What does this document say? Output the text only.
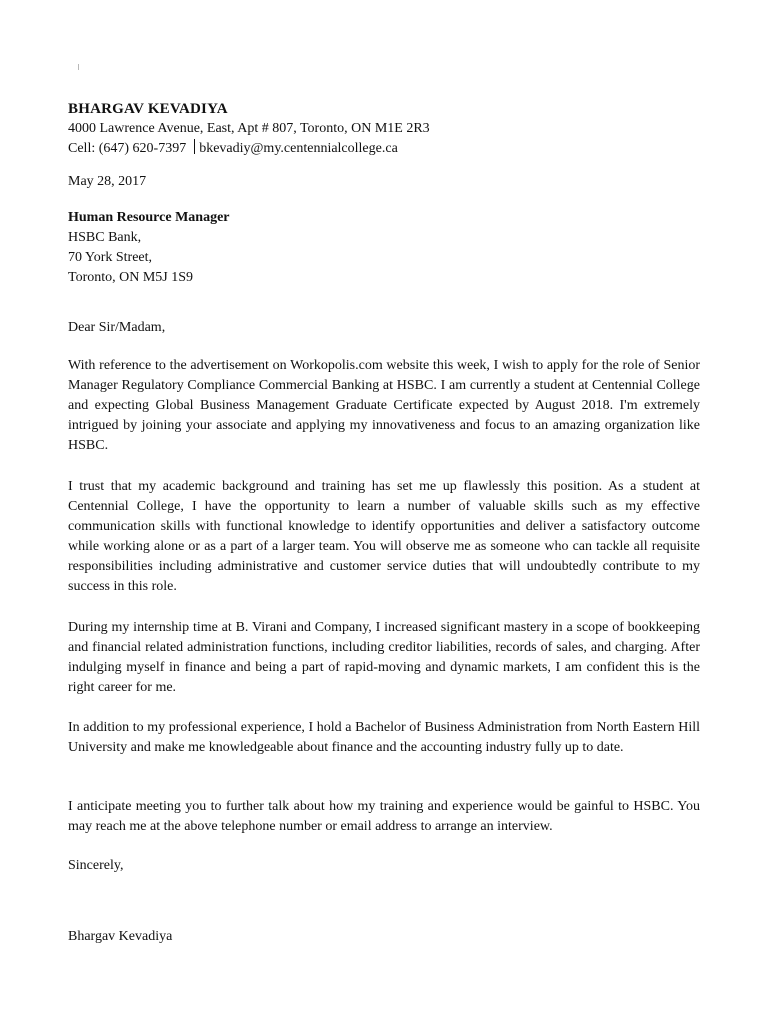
BHARGAV KEVADIYA
4000 Lawrence Avenue, East, Apt # 807, Toronto, ON M1E 2R3
Cell: (647) 620-7397 bkevadiy@my.centennialcollege.ca
May 28, 2017
Human Resource Manager
HSBC Bank,
70 York Street,
Toronto, ON M5J 1S9
Dear Sir/Madam,

With reference to the advertisement on Workopolis.com website this week, I wish to apply for the role of Senior Manager Regulatory Compliance Commercial Banking at HSBC. I am currently a student at Centennial College and expecting Global Business Management Graduate Certificate expected by August 2018. I'm extremely intrigued by joining your associate and applying my innovativeness and focus to an amazing organization like HSBC.

I trust that my academic background and training has set me up flawlessly this position. As a student at Centennial College, I have the opportunity to learn a number of valuable skills such as my effective communication skills with functional knowledge to identify opportunities and deliver a satisfactory outcome while working alone or as a part of a larger team. You will observe me as someone who can tackle all requisite responsibilities including administrative and customer service duties that will undoubtedly contribute to my success in this role.

During my internship time at B. Virani and Company, I increased significant mastery in a scope of bookkeeping and financial related administration functions, including creditor liabilities, records of sales, and charging. After indulging myself in finance and being a part of rapid-moving and dynamic markets, I am confident this is the right career for me.

In addition to my professional experience, I hold a Bachelor of Business Administration from North Eastern Hill University and make me knowledgeable about finance and the accounting industry fully up to date.

I anticipate meeting you to further talk about how my training and experience would be gainful to HSBC. You may reach me at the above telephone number or email address to arrange an interview.

Sincerely,
Bhargav Kevadiya
